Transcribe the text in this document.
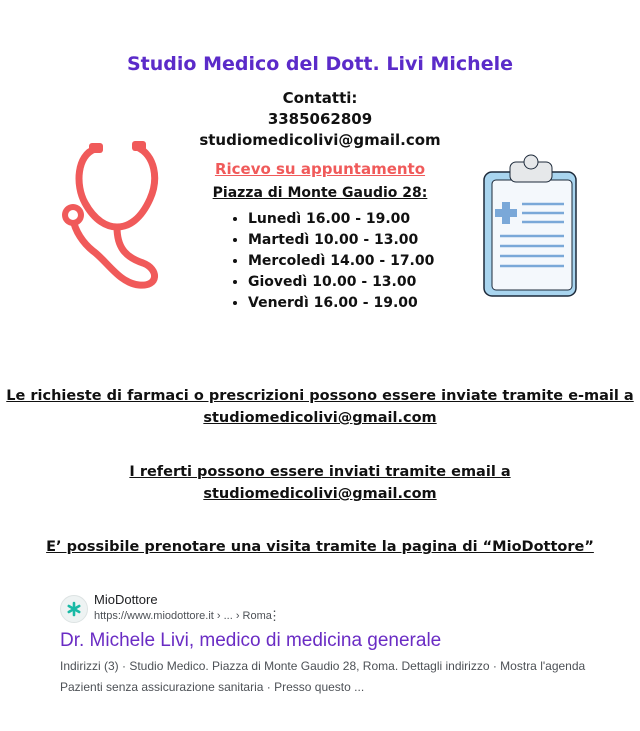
Studio Medico del Dott. Livi Michele
Contatti:
3385062809
studiomedicolivi@gmail.com
Ricevo su appuntamento
Piazza di Monte Gaudio 28:
• Lunedì 16.00 - 19.00
• Martedì 10.00 - 13.00
• Mercoledì 14.00 - 17.00
• Giovedì 10.00 - 13.00
• Venerdì 16.00 - 19.00
Le richieste di farmaci o prescrizioni possono essere inviate tramite e-mail a
studiomedicolivi@gmail.com
I referti possono essere inviati tramite email a
studiomedicolivi@gmail.com
E’ possibile prenotare una visita tramite la pagina di “MioDottore”
MioDottore
https://www.miodottore.it › ... › Roma
⋮
Dr. Michele Livi, medico di medicina generale
Indirizzi (3) · Studio Medico. Piazza di Monte Gaudio 28, Roma. Dettagli indirizzo · Mostra l'agenda
Pazienti senza assicurazione sanitaria · Presso questo ...
